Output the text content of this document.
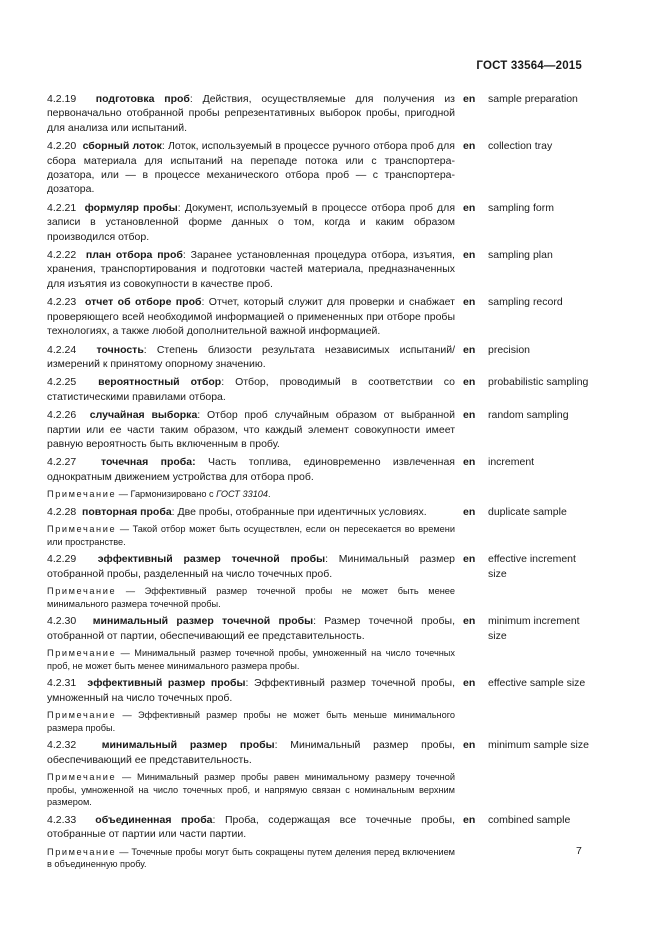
ГОСТ 33564—2015
4.2.19 подготовка проб: Действия, осуществляемые для получения из первоначально отобранной пробы репрезентативных выборок пробы, пригодной для анализа или испытаний.
en	sample preparation
4.2.20 сборный лоток: Лоток, используемый в процессе ручного отбора проб для сбора материала для испытаний на перепаде потока или с транспортера-дозатора, или — в процессе механического отбора проб — с транспортера-дозатора.
en	collection tray
4.2.21 формуляр пробы: Документ, используемый в процессе отбора проб для записи в установленной форме данных о том, когда и каким образом производился отбор.
en	sampling form
4.2.22 план отбора проб: Заранее установленная процедура отбора, изъятия, хранения, транспортирования и подготовки частей материала, предназначенных для изъятия из совокупности в качестве проб.
en	sampling plan
4.2.23 отчет об отборе проб: Отчет, который служит для проверки и снабжает проверяющего всей необходимой информацией о примененных при отборе пробы технологиях, а также любой дополнительной важной информацией.
en	sampling record
4.2.24 точность: Степень близости результата независимых испытаний/измерений к принятому опорному значению.
en	precision
4.2.25 вероятностный отбор: Отбор, проводимый в соответствии со статистическими правилами отбора.
en	probabilistic sampling
4.2.26 случайная выборка: Отбор проб случайным образом от выбранной партии или ее части таким образом, что каждый элемент совокупности имеет равную вероятность быть включенным в пробу.
en	random sampling
4.2.27 точечная проба: Часть топлива, единовременно извлеченная однократным движением устройства для отбора проб.
en	increment
Примечание — Гармонизировано с ГОСТ 33104.
4.2.28 повторная проба: Две пробы, отобранные при идентичных условиях.	en	duplicate sample
Примечание — Такой отбор может быть осуществлен, если он пересекается во времени или пространстве.
4.2.29 эффективный размер точечной пробы: Минимальный размер отобранной пробы, разделенный на число точечных проб.
en	effective increment size
Примечание — Эффективный размер точечной пробы не может быть менее минимального размера точечной пробы.
4.2.30 минимальный размер точечной пробы: Размер точечной пробы, отобранной от партии, обеспечивающий ее представительность.
en	minimum increment size
Примечание — Минимальный размер точечной пробы, умноженный на число точечных проб, не может быть менее минимального размера пробы.
4.2.31 эффективный размер пробы: Эффективный размер точечной пробы, умноженный на число точечных проб.
en	effective sample size
Примечание — Эффективный размер пробы не может быть меньше минимального размера пробы.
4.2.32 минимальный размер пробы: Минимальный размер пробы, обеспечивающий ее представительность.
en	minimum sample size
Примечание — Минимальный размер пробы равен минимальному размеру точечной пробы, умноженной на число точечных проб, и напрямую связан с номинальным верхним размером.
4.2.33 объединенная проба: Проба, содержащая все точечные пробы, отобранные от партии или части партии.
en	combined sample
Примечание — Точечные пробы могут быть сокращены путем деления перед включением в объединенную пробу.
7
